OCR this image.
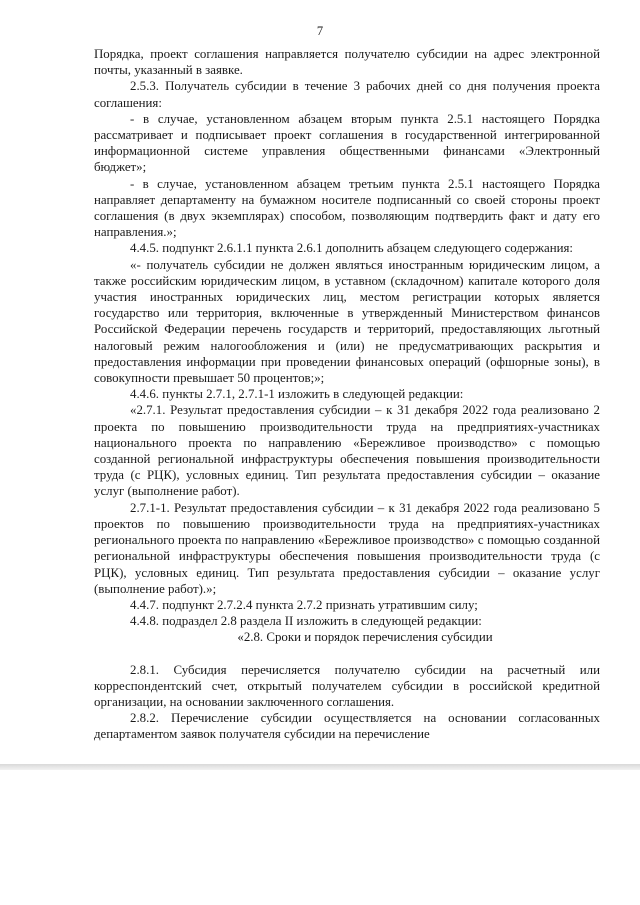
7

Порядка, проект соглашения направляется получателю субсидии на адрес электронной почты, указанный в заявке.

2.5.3. Получатель субсидии в течение 3 рабочих дней со дня получения проекта соглашения:

- в случае, установленном абзацем вторым пункта 2.5.1 настоящего Порядка рассматривает и подписывает проект соглашения в государственной интегрированной информационной системе управления общественными финансами «Электронный бюджет»;

- в случае, установленном абзацем третьим пункта 2.5.1 настоящего Порядка направляет департаменту на бумажном носителе подписанный со своей стороны проект соглашения (в двух экземплярах) способом, позволяющим подтвердить факт и дату его направления.»;

4.4.5. подпункт 2.6.1.1 пункта 2.6.1 дополнить абзацем следующего содержания:

«- получатель субсидии не должен являться иностранным юридическим лицом, а также российским юридическим лицом, в уставном (складочном) капитале которого доля участия иностранных юридических лиц, местом регистрации которых является государство или территория, включенные в утвержденный Министерством финансов Российской Федерации перечень государств и территорий, предоставляющих льготный налоговый режим налогообложения и (или) не предусматривающих раскрытия и предоставления информации при проведении финансовых операций (офшорные зоны), в совокупности превышает 50 процентов;»;

4.4.6. пункты 2.7.1, 2.7.1-1 изложить в следующей редакции:

«2.7.1. Результат предоставления субсидии – к 31 декабря 2022 года реализовано 2 проекта по повышению производительности труда на предприятиях-участниках национального проекта по направлению «Бережливое производство» с помощью созданной региональной инфраструктуры обеспечения повышения производительности труда (с РЦК), условных единиц. Тип результата предоставления субсидии – оказание услуг (выполнение работ).

2.7.1-1. Результат предоставления субсидии – к 31 декабря 2022 года реализовано 5 проектов по повышению производительности труда на предприятиях-участниках регионального проекта по направлению «Бережливое производство» с помощью созданной региональной инфраструктуры обеспечения повышения производительности труда (с РЦК), условных единиц. Тип результата предоставления субсидии – оказание услуг (выполнение работ).»;

4.4.7. подпункт 2.7.2.4 пункта 2.7.2 признать утратившим силу;

4.4.8. подраздел 2.8 раздела II изложить в следующей редакции:

«2.8. Сроки и порядок перечисления субсидии

2.8.1. Субсидия перечисляется получателю субсидии на расчетный или корреспондентский счет, открытый получателем субсидии в российской кредитной организации, на основании заключенного соглашения.

2.8.2. Перечисление субсидии осуществляется на основании согласованных департаментом заявок получателя субсидии на перечисление
